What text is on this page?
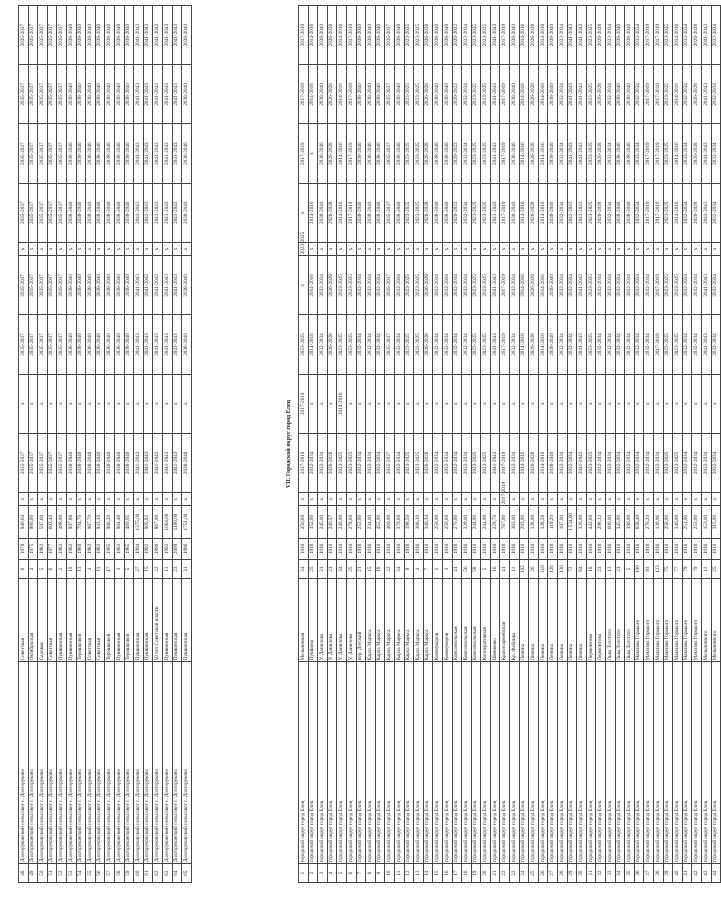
48	Долгоруковский сельсовет с. Долгоруково	Советская	8	1970	940,64	x	2035-2037	x	2035-2037	2035-2037	x	2035-2037	2035-2037	2035-2037	2035-2037
49	Долгоруковский сельсовет с. Долгоруково	Октябрьская	4	1975	986,00	x	2035-2037	x	2035-2037	2035-2037	x	2035-2037	2035-2037	2035-2037	2035-2037
50	Долгоруковский сельсовет с. Долгоруково	Садовая	5	1982	597,60	x	2035-2037	x	2035-2037	2035-2037	x	2035-2037	2035-2037	2035-2037	2035-2037
51	Долгоруковский сельсовет с. Долгоруково	Советская	6	1977	603,40	x	2035-2037	x	2035-2037	2035-2037	x	2035-2037	2035-2037	2035-2037	2035-2037
52	Долгоруковский сельсовет с. Долгоруково	Пушкинская	2	1983	498,00	x	2035-2037	x	2035-2037	2035-2037	x	2035-2037	2035-2037	2035-2037	2035-2037
53	Долгоруковский сельсовет с. Долгоруково	Пушкинская	19	1982	997,80	x	2038-2040	x	2038-2040	2038-2040	x	2038-2040	2038-2040	2038-2040	2038-2040
54	Долгоруковский сельсовет с. Долгоруково	Терешковой	13	1980	794,70	x	2038-2040	x	2038-2040	2038-2040	x	2038-2040	2038-2040	2038-2040	2038-2040
55	Долгоруковский сельсовет с. Долгоруково	Советская	4	1982	987,70	x	2038-2040	x	2038-2040	2038-2040	x	2038-2040	2038-2040	2038-2040	2038-2040
56	Долгоруковский сельсовет с. Долгоруково	Советская	11	1983	943,30	x	2038-2040	x	2038-2040	2038-2040	x	2038-2040	2038-2040	2038-2040	2038-2040
57	Долгоруковский сельсовет с. Долгоруково	Терешковой	17	1985	986,20	x	2038-2040	x	2038-2040	2038-2040	x	2038-2040	2038-2040	2038-2040	2038-2040
58	Долгоруковский сельсовет с. Долгоруково	Пушкинская	3	1983	964,48	x	2038-2040	x	2038-2040	2038-2040	x	2038-2040	2038-2040	2038-2040	2038-2040
59	Долгоруковский сельсовет с. Долгоруково	Терешковой	5	1985	480,05	x	2038-2040	x	2038-2040	2038-2040	x	2038-2040	2038-2040	2038-2040	2038-2040
60	Долгоруковский сельсовет с. Долгоруково	Пушкинская	27	1994	1375,00	x	2041-2043	x	2041-2043	2041-2043	x	2041-2043	2041-2043	2041-2043	2041-2043
61	Долгоруковский сельсовет с. Долгоруково	Пушкинская	15	1992	905,92	x	2041-2043	x	2041-2043	2041-2043	x	2041-2043	2041-2043	2041-2043	2041-2043
62	Долгоруковский сельсовет с. Долгоруково	50 лет Советской власти	22	1996	867,00	x	2041-2043	x	2041-2043	2041-2043	x	2041-2043	2041-2043	2041-2043	2041-2043
63	Долгоруковский сельсовет с. Долгоруково	Пушкинская	13	1992	1064,00	x	2041-2043	x	2041-2043	2041-2043	x	2041-2043	2041-2043	2041-2043	2041-2043
64	Долгоруковский сельсовет с. Долгоруково	Пушкинская	23	2000	1166,00	x	2041-2043	x	2041-2043	2041-2043	x	2041-2043	2041-2043	2041-2043	2041-2043
65	Долгоруковский сельсовет с. Долгоруково	Пушкинская	31	1996	1751,00	x	2038-2040	x	2038-2040	2038-2040	x	2038-2040	2038-2040	2038-2040	2038-2040
VII. Городской округ город Елец
1	городской округ город Елец	Мельничная	24	1916	256,00	x	2017-2019	2017-2019	2023-2025	x	2023-2025	x	2017-2019	2017-2019	2017-2019
2	городской округ город Елец	Пушкина	25	1916	352,00	x	2032-2034	x	2014-2016	2014-2016	x	2014-2016	x	2014-2016	2014-2016
3	городской округ город Елец	У. Данилова	21	1916	245,00	x	2032-2034	x	2032-2034	2032-2034	x	2038-2040	2038-2040	2038-2040	2038-2040
4	городской округ город Елец	У. Данилова	21	1916	240,57	x	2026-2028	x	2026-2028	2026-2028	x	2026-2028	2026-2028	2026-2028	2026-2028
5	городской округ город Елец	У. Данилова	34	1916	249,00	x	2023-2025	2014-2016	2023-2025	2023-2025	x	2014-2016	2014-2016	2014-2016	2014-2016
6	городской округ город Елец	У. Данилова	25	1916	278,00	x	2023-2025	x	2023-2025	2023-2025	x	2017-2019	2017-2019	2017-2019	2017-2019
7	городской округ город Елец	пер. Детский	21	1916	252,00	x	2032-2034	x	2032-2034	2032-2034	x	2038-2040	2038-2040	2038-2040	2038-2040
8	городской округ город Елец	Карла Маркса	15	1916	234,00	x	2032-2034	x	2032-2034	2032-2034	x	2038-2040	2038-2040	2038-2040	2038-2040
9	городской округ город Елец	Карла Маркса	18	1916	455,00	x	2032-2034	x	2032-2034	2032-2034	x	2038-2040	2038-2040	2038-2040	2038-2040
10	городской округ город Елец	Карла Маркса	22	1916	460,00	x	2035-2037	x	2035-2037	2035-2037	x	2035-2037	2035-2037	2035-2037	2035-2037
11	городской округ город Елец	Карла Маркса	24	1916	370,00	x	2032-2034	x	2032-2034	2032-2034	x	2038-2040	2038-2040	2038-2040	2038-2040
12	городской округ город Елец	Карла Маркса	9	1916	198,50	x	2023-2025	x	2023-2025	2023-2025	x	2023-2025	2023-2025	2023-2025	2023-2025
13	городской округ город Елец	Карла Маркса	4	1916	388,30	x	2023-2025	x	2023-2025	2023-2025	x	2023-2025	2023-2025	2023-2025	2023-2025
14	городской округ город Елец	Карла Маркса	7	1916	340,34	x	2026-2028	x	2026-2028	2026-2028	x	2026-2028	2026-2028	2026-2028	2026-2028
15	городской округ город Елец	Коммунаров	1	1916	250,00	x	2032-2034	x	2032-2034	2032-2034	x	2038-2040	2038-2040	2038-2040	2038-2040
16	городской округ город Елец	Коммунаров	3	1916	250,00	x	2032-2034	x	2032-2034	2032-2034	x	2038-2040	2038-2040	2038-2040	2038-2040
17	городской округ город Елец	Комсомольская	41	1916	270,00	x	2032-2034	x	2032-2034	2032-2034	x	2020-2022	2020-2022	2020-2022	2020-2022
18	городской округ город Елец	Комсомольская	56	1916	329,00	x	2032-2034	x	2032-2034	2032-2034	x	2032-2034	2032-2034	2032-2034	2032-2034
19	городской округ город Елец	Комсомольская	58	1916	244,00	x	2023-2025	x	2023-2025	2023-2025	x	2023-2025	2023-2025	2023-2025	2023-2025
20	городской округ город Елец	Кооперативная	5	1916	244,00	x	2023-2025	x	2023-2025	2023-2025	x	2023-2025	2023-2025	2023-2025	2023-2025
21	городской округ город Елец	Шевченко	16	1916	229,70	x	2041-2043	x	2041-2043	2041-2043	x	2041-2043	2041-2043	2041-2043	2041-2043
22	городской округ город Елец	Красноармейская	41	1916	787,00	2017-2019	2017-2019	x	2017-2019	2017-2019	x	2017-2019	2017-2019	2017-2019	2017-2019
23	городской округ город Елец	Кр. Фабрика	11	1916	383,00	x	2032-2034	x	2032-2034	2032-2034	x	2038-2040	2038-2040	2038-2040	2038-2040
24	городской округ город Елец	Ленина	102	1916	293,00	x	2014-2016	x	2014-2016	2014-2016	x	2014-2016	2014-2016	2014-2016	2014-2016
25	городской округ город Елец	Ленина	26	1916	128,00	x	2026-2028	x	2026-2028	2026-2028	x	2026-2028	2026-2028	2026-2028	2026-2028
26	городской округ город Елец	Ленина	110	1916	128,59	x	2014-2016	x	2014-2016	2014-2016	x	2014-2016	2014-2016	2014-2016	2014-2016
27	городской округ город Елец	Ленина	126	1916	119,20	x	2038-2040	x	2038-2040	2038-2040	x	2038-2040	2038-2040	2038-2040	2038-2040
28	городской округ город Елец	Ленина	136	1916	197,00	x	2032-2034	x	2032-2034	2032-2034	x	2032-2034	2032-2034	2032-2034	2032-2034
29	городской округ город Елец	Ленина	72	1916	1 534,00	x	2032-2034	x	2032-2034	2032-2034	x	2041-2043	2041-2043	2041-2043	2041-2043
30	городской округ город Елец	Ленина	64	1916	326,00	x	2041-2043	x	2041-2043	2041-2043	x	2041-2043	2041-2043	2041-2043	2041-2043
31	городской округ город Елец	Лермонтова	18	1916	442,00	x	2023-2025	x	2023-2025	2023-2025	x	2023-2025	2023-2025	2023-2025	2023-2025
32	городской округ город Елец	Лермонтова	23	1916	298,32	x	2032-2034	x	2032-2034	2032-2034	x	2026-2028	2026-2028	2026-2028	2026-2028
33	городской округ город Елец	Льва Толстого	13	1916	609,00	x	2032-2034	x	2032-2034	2032-2034	x	2032-2034	2032-2034	2032-2034	2032-2034
34	городской округ город Елец	Льва Толстого	21	1916	345,00	x	2032-2034	x	2032-2034	2032-2034	x	2038-2040	2038-2040	2038-2040	2038-2040
35	городской округ город Елец	Льва Толстого	5	1916	196,00	x	2032-2034	x	2032-2034	2032-2034	x	2038-2040	2038-2040	2038-2040	2038-2040
36	городской округ город Елец	Максима Горького	100	1916	858,40	x	2032-2034	x	2032-2034	2032-2034	x	2032-2034	2032-2034	2032-2034	2032-2034
37	городской округ город Елец	Максима Горького	93	1916	276,20	x	2032-2034	x	2032-2034	2032-2034	x	2017-2019	2017-2019	2017-2019	2017-2019
38	городской округ город Елец	Максима Горького	123	1916	139,96	x	2032-2034	x	2017-2019	2017-2019	x	2017-2019	2017-2019	2017-2019	2017-2019
39	городской округ город Елец	Максима Горького	75	1916	258,00	x	2023-2025	x	2023-2025	2023-2025	x	2023-2025	2023-2025	2023-2025	2023-2025
40	городской округ город Елец	Максима Горького	77	1916	346,00	x	2023-2025	x	2023-2025	2023-2025	x	2014-2016	2014-2016	2014-2016	2014-2016
41	городской округ город Елец	Максима Горького	79	1916	251,00	x	2032-2034	x	2032-2034	2032-2034	x	2032-2034	2032-2034	2032-2034	2032-2034
42	городской округ город Елец	Максима Горького	79	1916	253,00	x	2032-2034	x	2032-2034	2032-2034	x	2026-2028	2026-2028	2026-2028	2026-2028
43	городской округ город Елец	Мельничного	11	1916	153,00	x	2032-2034	x	2041-2043	2041-2043	x	2041-2043	2041-2043	2041-2043	2041-2043
44	городской округ город Елец	Мельничного	25	1916	315,00	x	2032-2034	x	2032-2034	2032-2034	x	2032-2034	2032-2034	2032-2034	2032-2034
